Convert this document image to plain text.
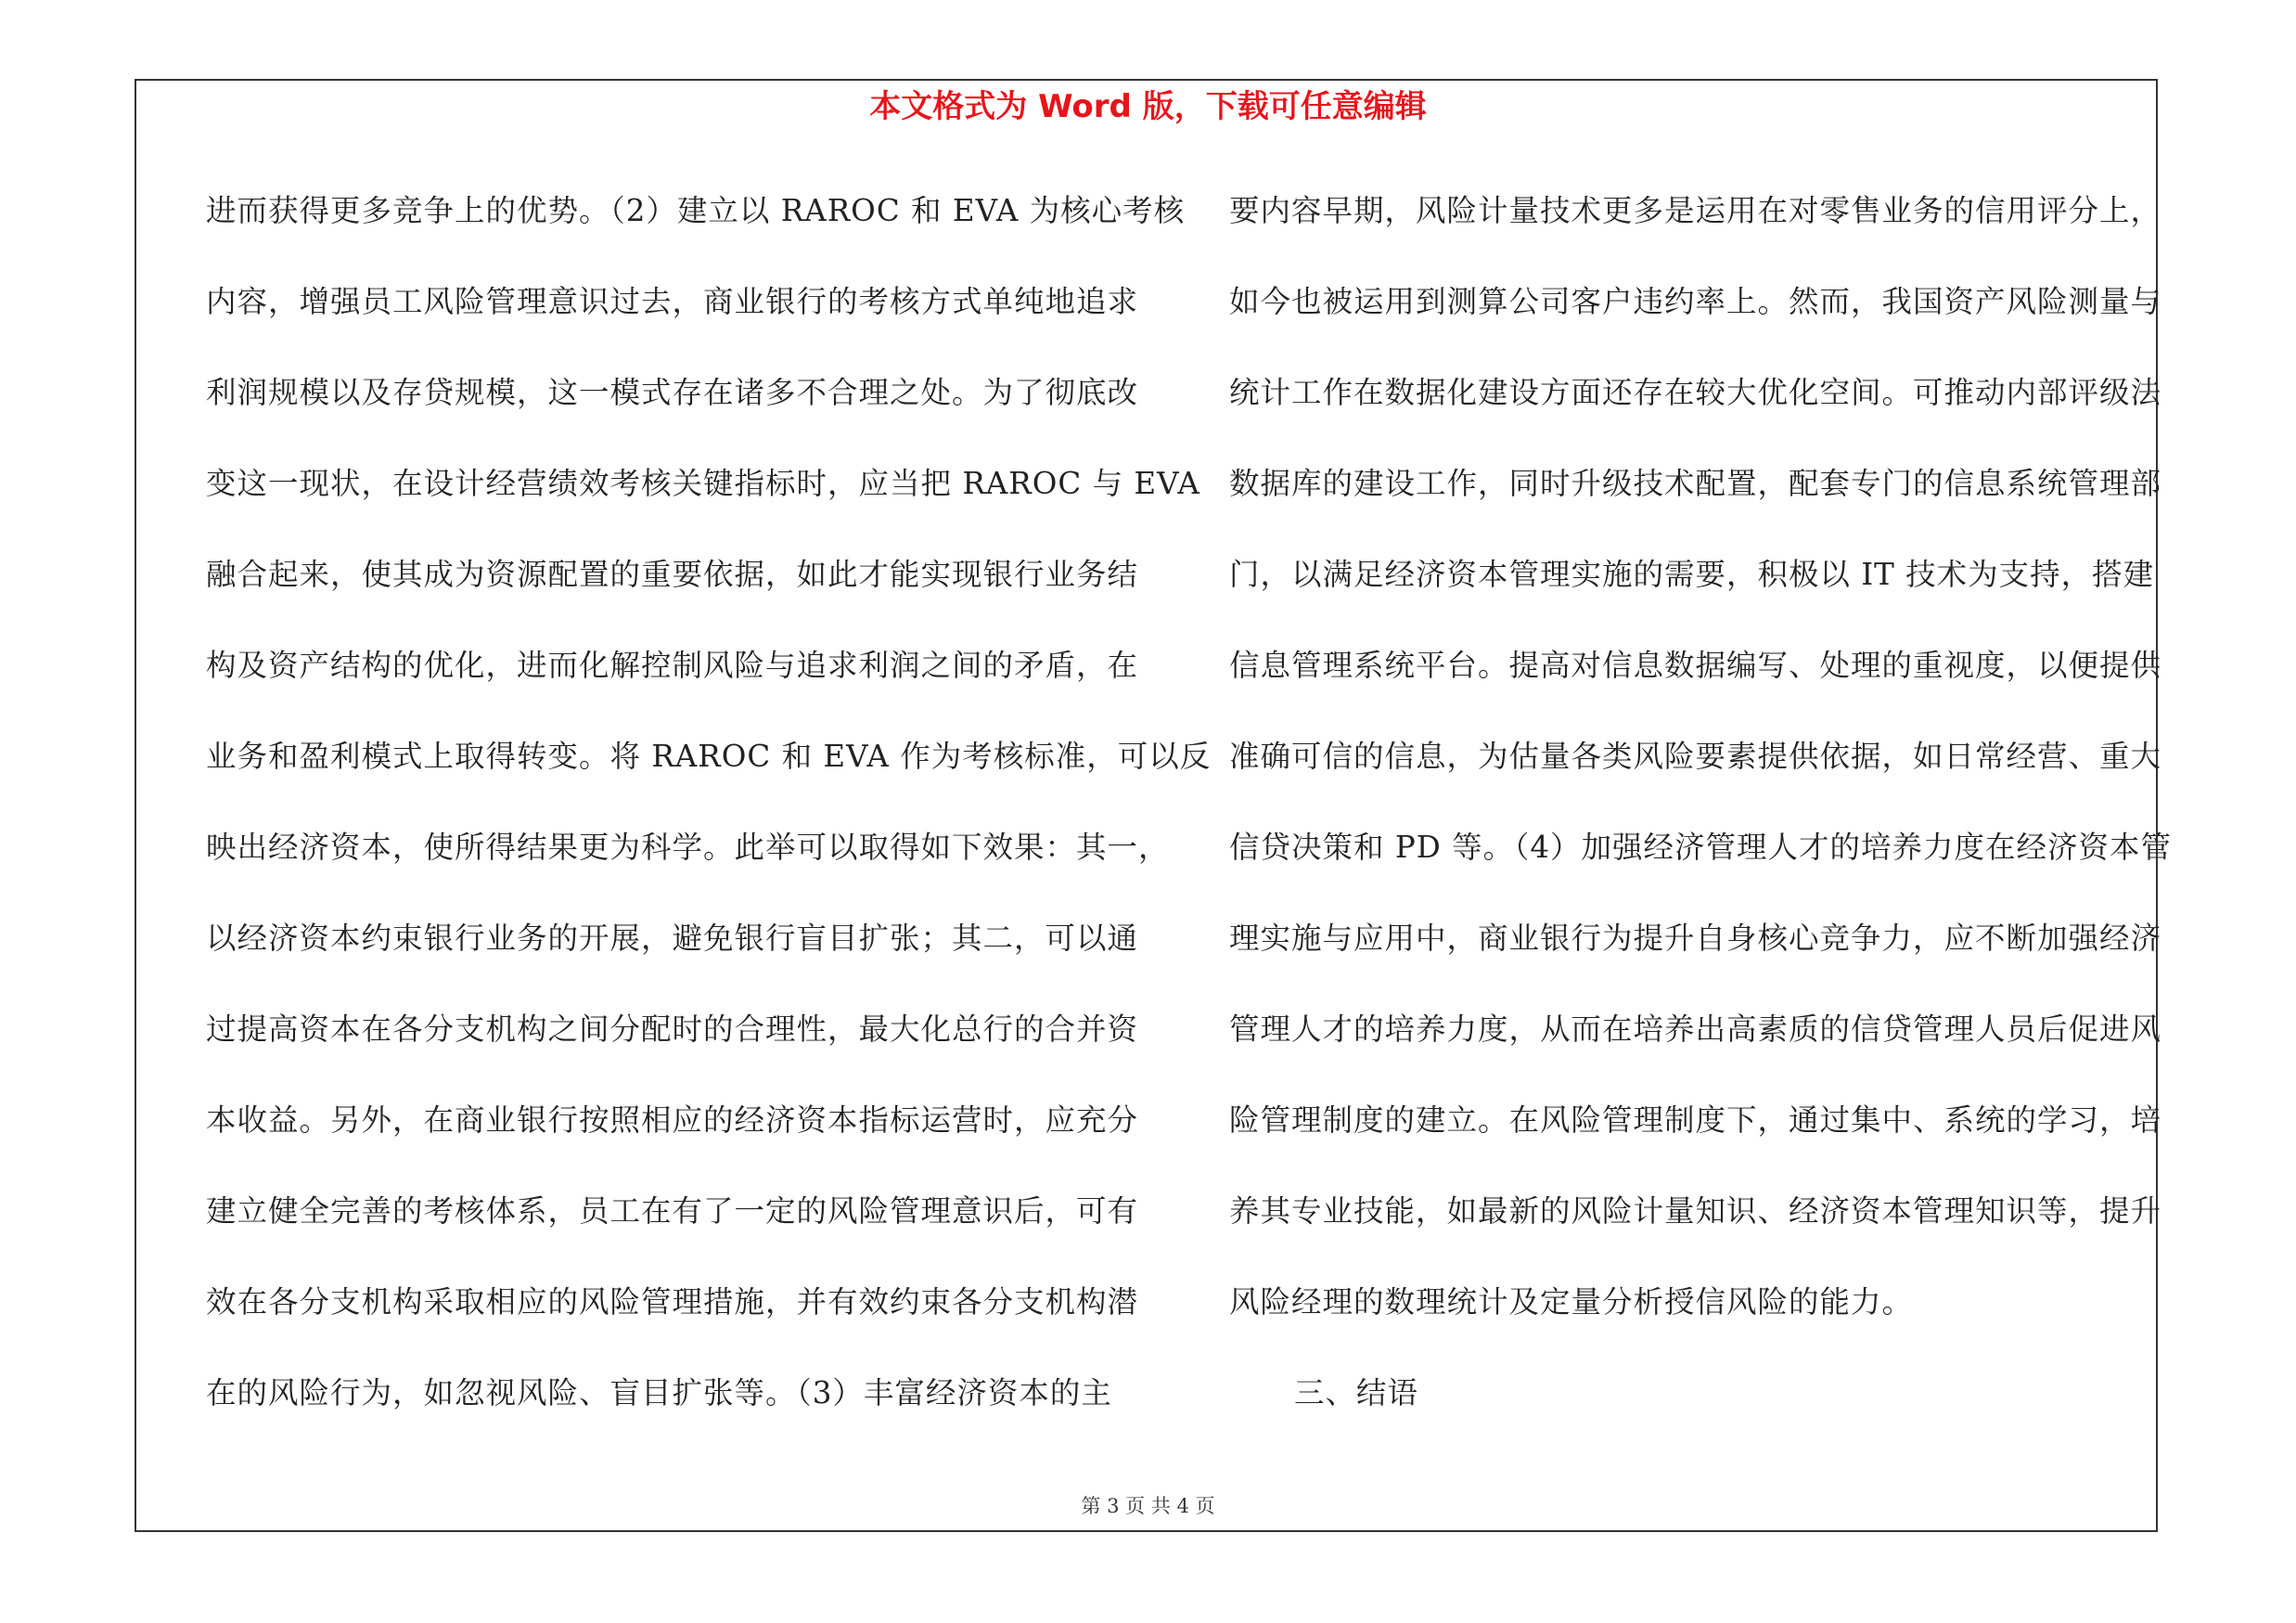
本文格式为 Word 版，下载可任意编辑
进而获得更多竞争上的优势。（2）建立以 RAROC 和 EVA 为核心考核
内容，增强员工风险管理意识过去，商业银行的考核方式单纯地追求
利润规模以及存贷规模，这一模式存在诸多不合理之处。为了彻底改
变这一现状，在设计经营绩效考核关键指标时，应当把 RAROC 与 EVA
融合起来，使其成为资源配置的重要依据，如此才能实现银行业务结
构及资产结构的优化，进而化解控制风险与追求利润之间的矛盾，在
业务和盈利模式上取得转变。将 RAROC 和 EVA 作为考核标准，可以反
映出经济资本，使所得结果更为科学。此举可以取得如下效果：其一，
以经济资本约束银行业务的开展，避免银行盲目扩张；其二，可以通
过提高资本在各分支机构之间分配时的合理性，最大化总行的合并资
本收益。另外，在商业银行按照相应的经济资本指标运营时，应充分
建立健全完善的考核体系，员工在有了一定的风险管理意识后，可有
效在各分支机构采取相应的风险管理措施，并有效约束各分支机构潜
在的风险行为，如忽视风险、盲目扩张等。（3）丰富经济资本的主
要内容早期，风险计量技术更多是运用在对零售业务的信用评分上，
如今也被运用到测算公司客户违约率上。然而，我国资产风险测量与
统计工作在数据化建设方面还存在较大优化空间。可推动内部评级法
数据库的建设工作，同时升级技术配置，配套专门的信息系统管理部
门，以满足经济资本管理实施的需要，积极以 IT 技术为支持，搭建
信息管理系统平台。提高对信息数据编写、处理的重视度，以便提供
准确可信的信息，为估量各类风险要素提供依据，如日常经营、重大
信贷决策和 PD 等。（4）加强经济管理人才的培养力度在经济资本管
理实施与应用中，商业银行为提升自身核心竞争力，应不断加强经济
管理人才的培养力度，从而在培养出高素质的信贷管理人员后促进风
险管理制度的建立。在风险管理制度下，通过集中、系统的学习，培
养其专业技能，如最新的风险计量知识、经济资本管理知识等，提升
风险经理的数理统计及定量分析授信风险的能力。
三、结语
第 3 页 共 4 页
